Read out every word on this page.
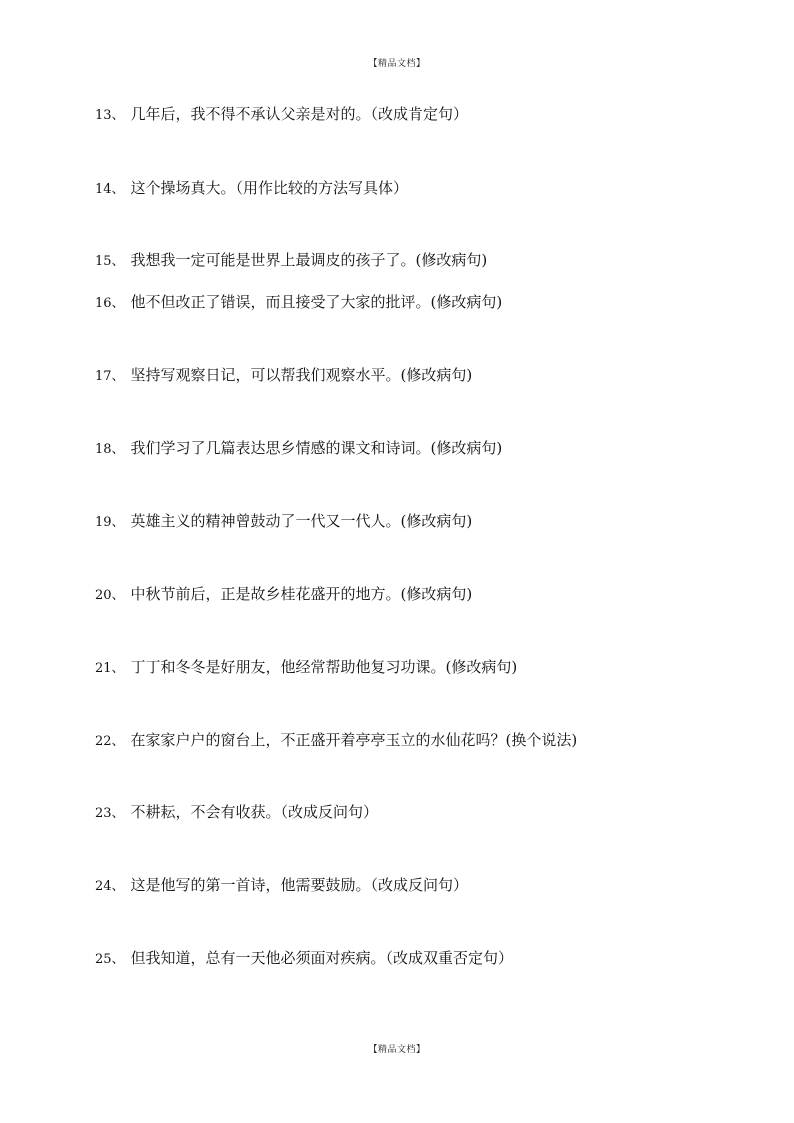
【精品文档】
13、 几年后，我不得不承认父亲是对的。（改成肯定句）
14、 这个操场真大。（用作比较的方法写具体）
15、 我想我一定可能是世界上最调皮的孩子了。(修改病句)
16、 他不但改正了错误，而且接受了大家的批评。(修改病句)
17、 坚持写观察日记，可以帮我们观察水平。(修改病句)
18、 我们学习了几篇表达思乡情感的课文和诗词。(修改病句)
19、 英雄主义的精神曾鼓动了一代又一代人。(修改病句)
20、 中秋节前后，正是故乡桂花盛开的地方。(修改病句)
21、 丁丁和冬冬是好朋友，他经常帮助他复习功课。(修改病句)
22、 在家家户户的窗台上，不正盛开着亭亭玉立的水仙花吗？(换个说法)
23、 不耕耘，不会有收获。（改成反问句）
24、 这是他写的第一首诗，他需要鼓励。（改成反问句）
25、 但我知道，总有一天他必须面对疾病。（改成双重否定句）
【精品文档】
